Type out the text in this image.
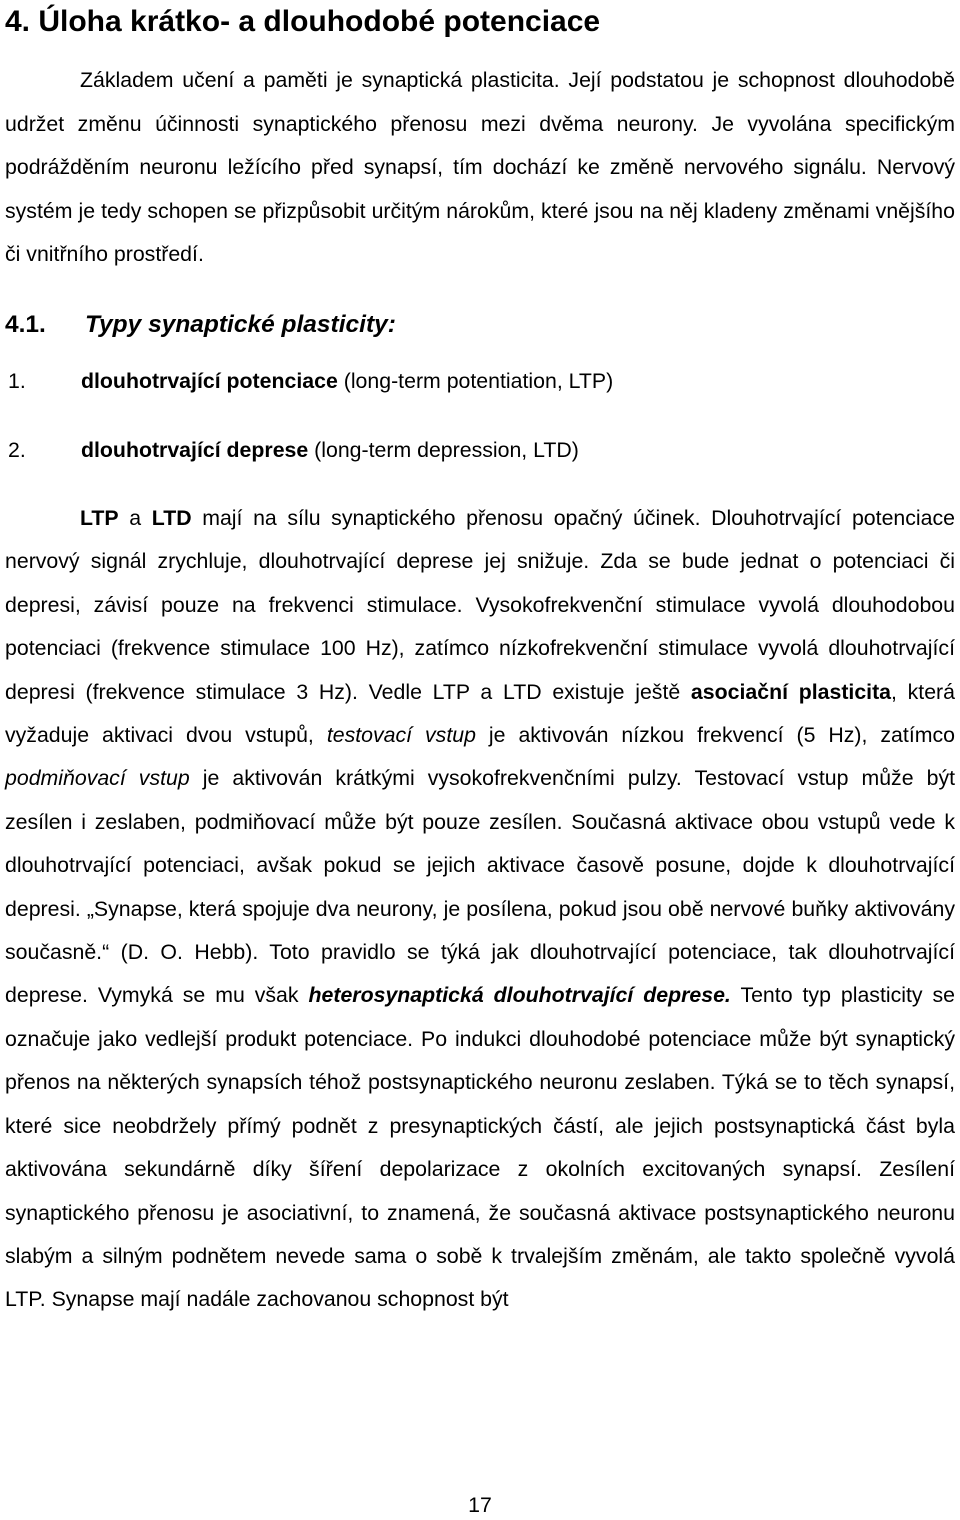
4. Úloha krátko- a dlouhodobé potenciace

Základem učení a paměti je synaptická plasticita. Její podstatou je schopnost dlouhodobě udržet změnu účinnosti synaptického přenosu mezi dvěma neurony. Je vyvolána specifickým podrážděním neuronu ležícího před synapsí, tím dochází ke změně nervového signálu. Nervový systém je tedy schopen se přizpůsobit určitým nárokům, které jsou na něj kladeny změnami vnějšího či vnitřního prostředí.

4.1. Typy synaptické plasticity:
1.	dlouhotrvající potenciace (long-term potentiation, LTP)
2.	dlouhotrvající deprese (long-term depression, LTD)

LTP a LTD mají na sílu synaptického přenosu opačný účinek. Dlouhotrvající potenciace nervový signál zrychluje, dlouhotrvající deprese jej snižuje. Zda se bude jednat o potenciaci či depresi, závisí pouze na frekvenci stimulace. Vysokofrekvenční stimulace vyvolá dlouhodobou potenciaci (frekvence stimulace 100 Hz), zatímco nízkofrekvenční stimulace vyvolá dlouhotrvající depresi (frekvence stimulace 3 Hz). Vedle LTP a LTD existuje ještě asociační plasticita, která vyžaduje aktivaci dvou vstupů, testovací vstup je aktivován nízkou frekvencí (5 Hz), zatímco podmiňovací vstup je aktivován krátkými vysokofrekvenčními pulzy. Testovací vstup může být zesílen i zeslaben, podmiňovací může být pouze zesílen. Současná aktivace obou vstupů vede k dlouhotrvající potenciaci, avšak pokud se jejich aktivace časově posune, dojde k dlouhotrvající depresi. „Synapse, která spojuje dva neurony, je posílena, pokud jsou obě nervové buňky aktivovány současně.“ (D. O. Hebb). Toto pravidlo se týká jak dlouhotrvající potenciace, tak dlouhotrvající deprese. Vymyká se mu však heterosynaptická dlouhotrvající deprese. Tento typ plasticity se označuje jako vedlejší produkt potenciace. Po indukci dlouhodobé potenciace může být synaptický přenos na některých synapsích téhož postsynaptického neuronu zeslaben. Týká se to těch synapsí, které sice neobdržely přímý podnět z presynaptických částí, ale jejich postsynaptická část byla aktivována sekundárně díky šíření depolarizace z okolních excitovaných synapsí. Zesílení synaptického přenosu je asociativní, to znamená, že současná aktivace postsynaptického neuronu slabým a silným podnětem nevede sama o sobě k trvalejším změnám, ale takto společně vyvolá LTP. Synapse mají nadále zachovanou schopnost být

17
